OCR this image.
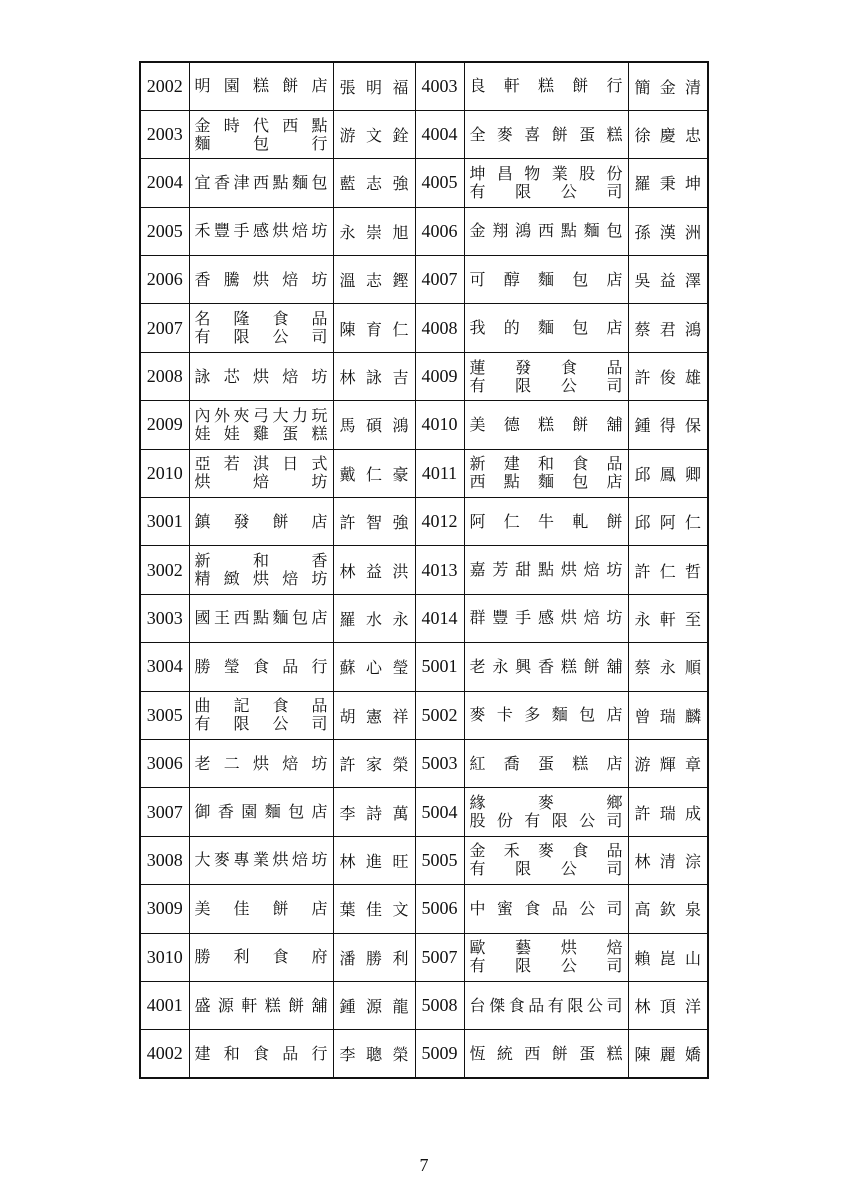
2002	明園糕餅店	張明福	4003	良軒糕餅行	簡金清
2003	金時代西點
麵包行	游文銓	4004	全麥喜餅蛋糕	徐慶忠
2004	宜香津西點麵包	藍志強	4005	坤昌物業股份
有限公司	羅秉坤
2005	禾豐手感烘焙坊	永崇旭	4006	金翔鴻西點麵包	孫漢洲
2006	香騰烘焙坊	溫志鏗	4007	可醇麵包店	吳益澤
2007	名隆食品
有限公司	陳育仁	4008	我的麵包店	蔡君鴻
2008	詠芯烘焙坊	林詠吉	4009	蓮發食品
有限公司	許俊雄
2009	內外夾弓大力玩
娃娃雞蛋糕	馬碩鴻	4010	美德糕餅舖	鍾得保
2010	亞若淇日式
烘焙坊	戴仁豪	4011	新建和食品
西點麵包店	邱鳳卿
3001	鎮發餅店	許智強	4012	阿仁牛軋餅	邱阿仁
3002	新和香
精緻烘焙坊	林益洪	4013	嘉芳甜點烘焙坊	許仁哲
3003	國王西點麵包店	羅水永	4014	群豐手感烘焙坊	永軒至
3004	勝瑩食品行	蘇心瑩	5001	老永興香糕餅舖	蔡永順
3005	曲記食品
有限公司	胡憲祥	5002	麥卡多麵包店	曾瑞麟
3006	老二烘焙坊	許家榮	5003	紅喬蛋糕店	游輝章
3007	御香園麵包店	李詩萬	5004	緣麥鄉
股份有限公司	許瑞成
3008	大麥專業烘焙坊	林進旺	5005	金禾麥食品
有限公司	林清淙
3009	美佳餅店	葉佳文	5006	中蜜食品公司	高欽泉
3010	勝利食府	潘勝利	5007	歐藝烘焙
有限公司	賴崑山
4001	盛源軒糕餅舖	鍾源龍	5008	台傑食品有限公司	林頂洋
4002	建和食品行	李聰榮	5009	恆統西餅蛋糕	陳麗嬌
7
